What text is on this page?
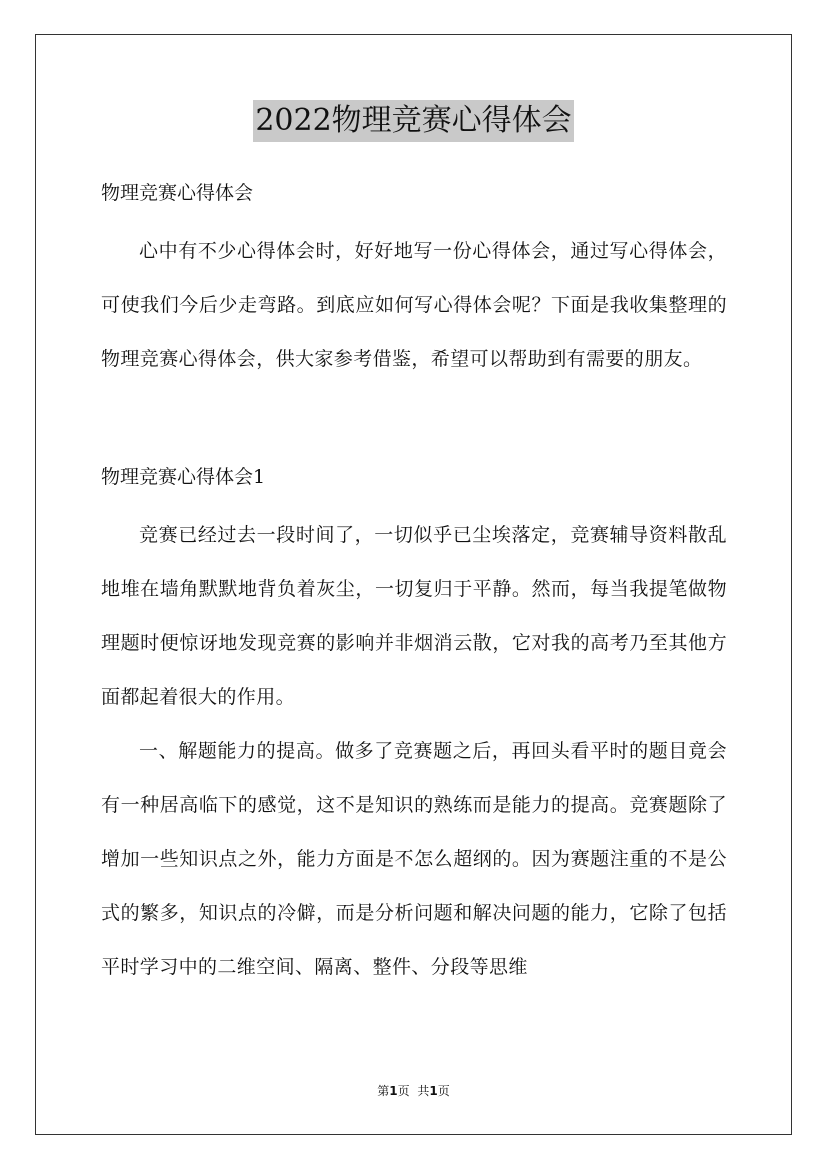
2022物理竞赛心得体会

物理竞赛心得体会

心中有不少心得体会时，好好地写一份心得体会，通过写心得体会，可使我们今后少走弯路。到底应如何写心得体会呢？下面是我收集整理的物理竞赛心得体会，供大家参考借鉴，希望可以帮助到有需要的朋友。

物理竞赛心得体会1

竞赛已经过去一段时间了，一切似乎已尘埃落定，竞赛辅导资料散乱地堆在墙角默默地背负着灰尘，一切复归于平静。然而，每当我提笔做物理题时便惊讶地发现竞赛的影响并非烟消云散，它对我的高考乃至其他方面都起着很大的作用。

一、解题能力的提高。做多了竞赛题之后，再回头看平时的题目竟会有一种居高临下的感觉，这不是知识的熟练而是能力的提高。竞赛题除了增加一些知识点之外，能力方面是不怎么超纲的。因为赛题注重的不是公式的繁多，知识点的冷僻，而是分析问题和解决问题的能力，它除了包括平时学习中的二维空间、隔离、整件、分段等思维

第1页 共1页
